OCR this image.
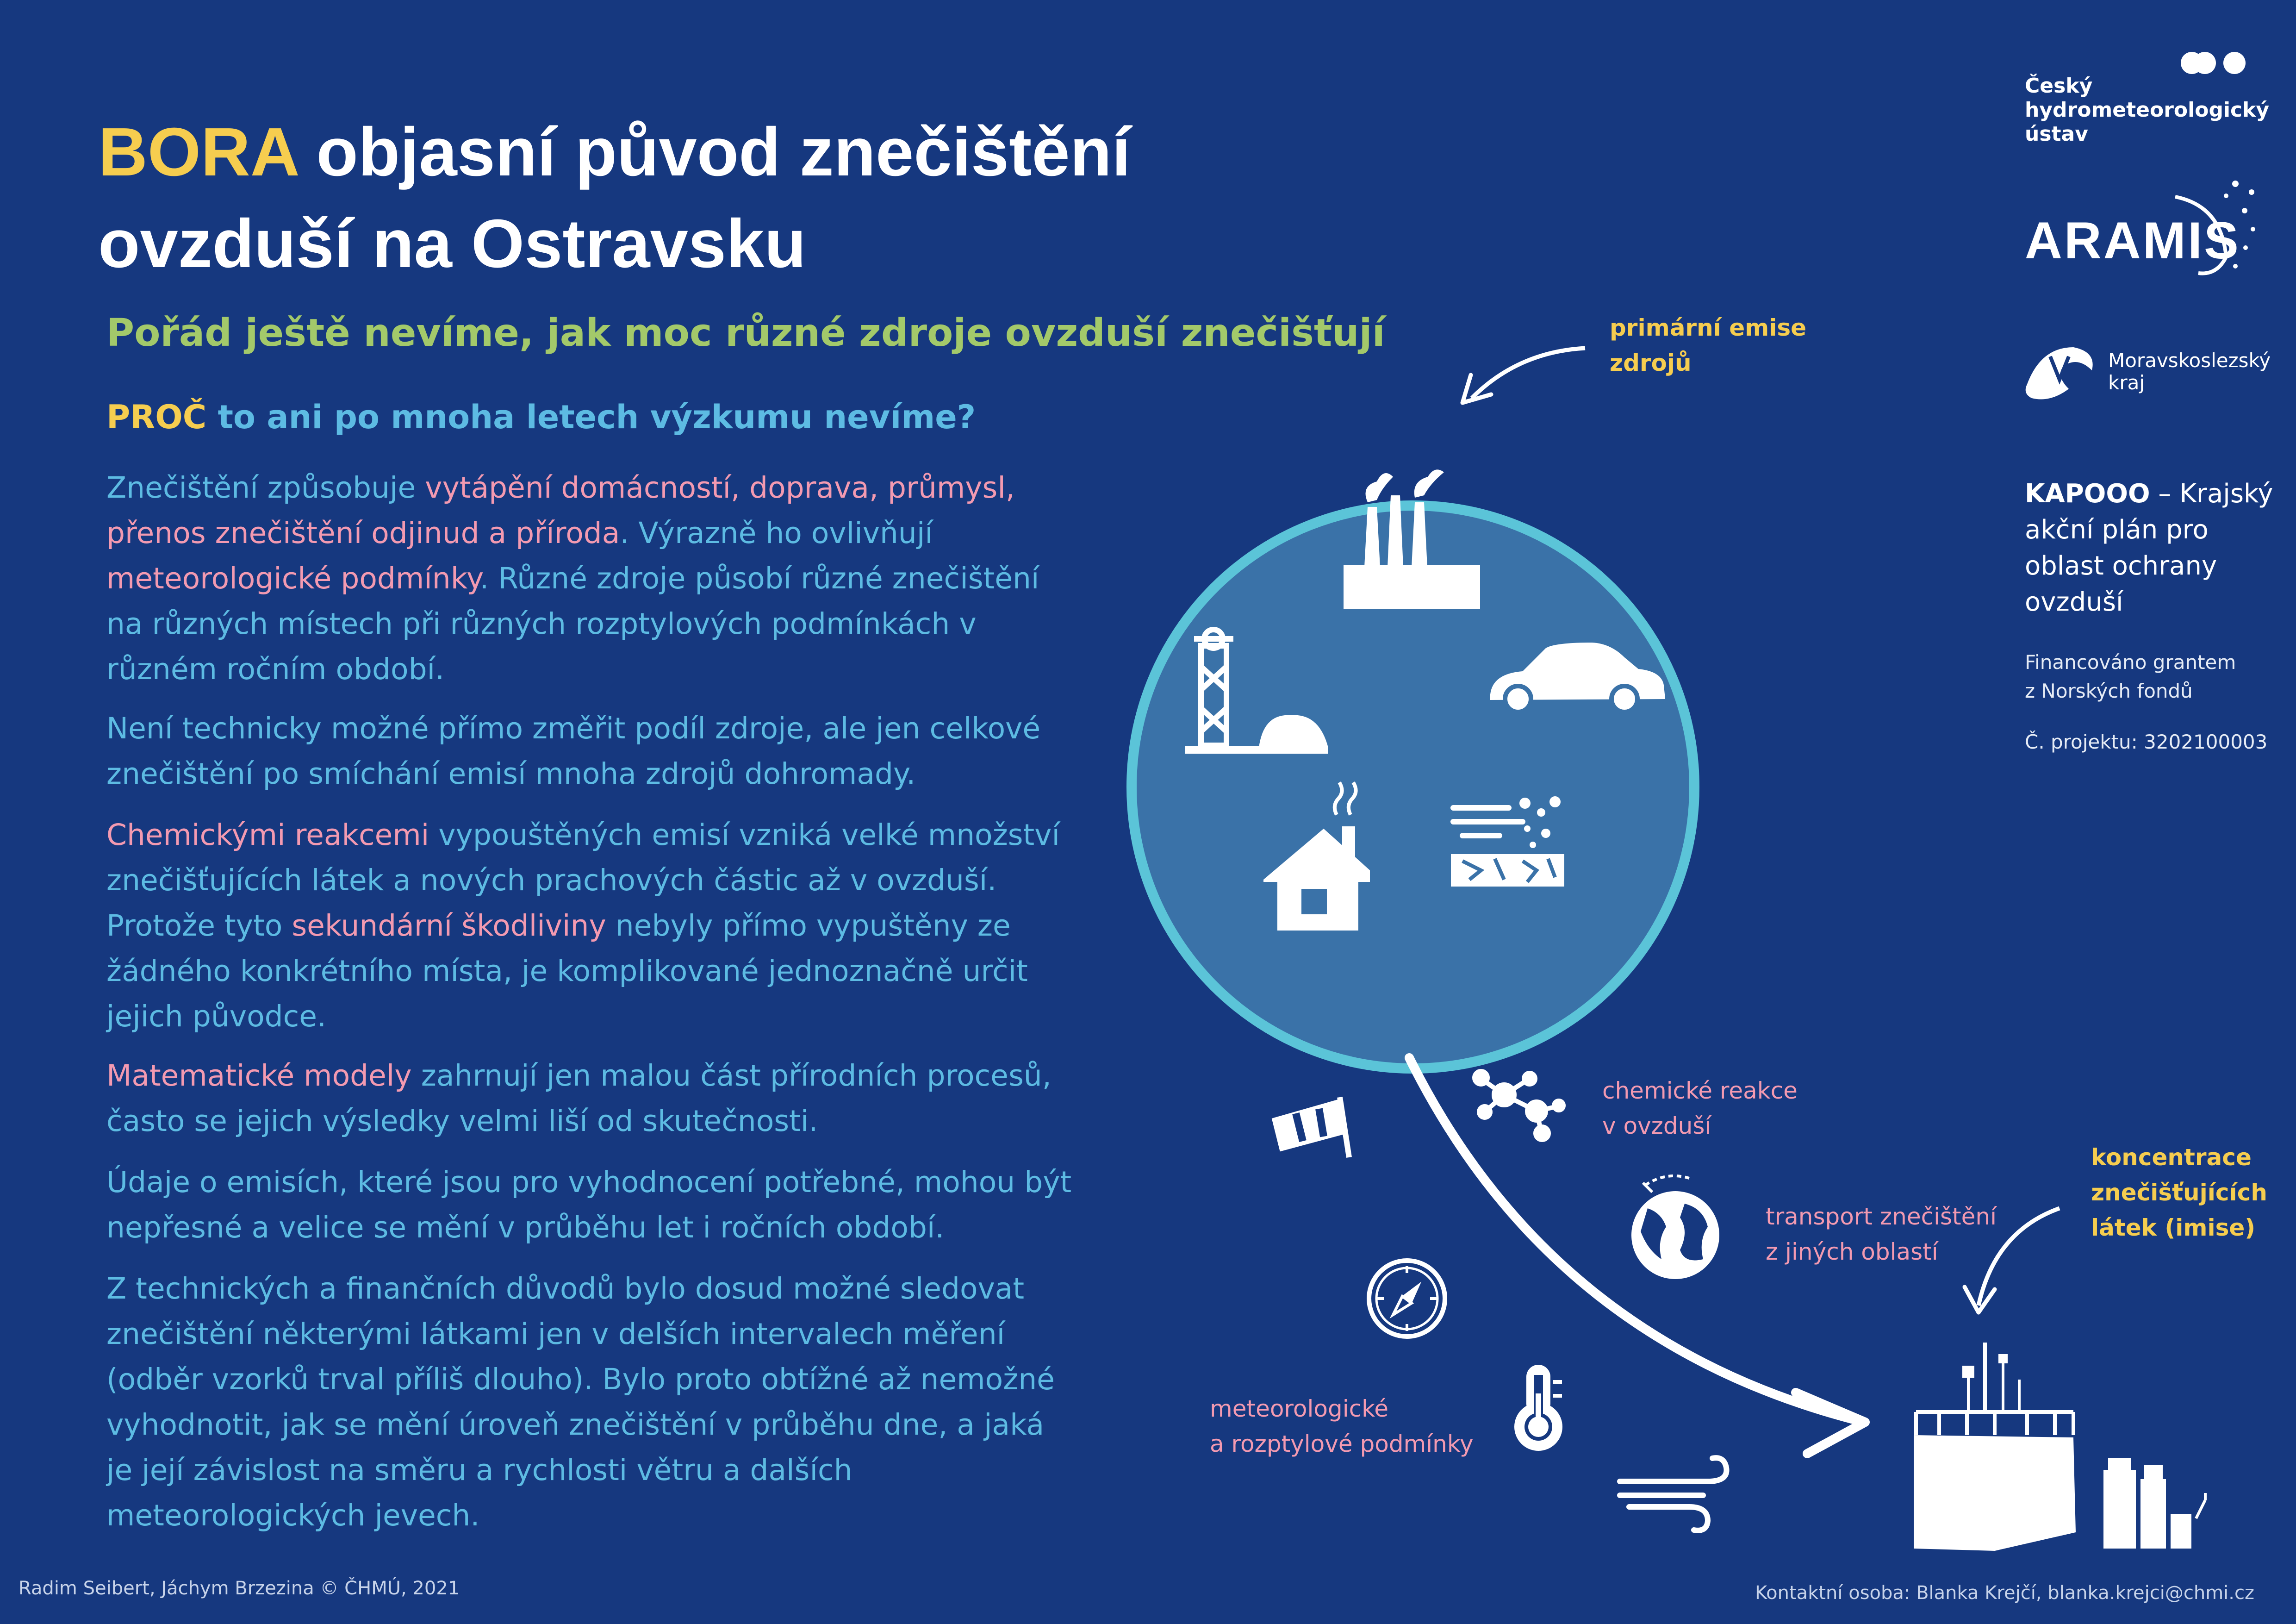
BORA objasní původ znečištění
ovzduší na Ostravsku
Pořád ještě nevíme, jak moc různé zdroje ovzduší znečišťují
PROČ to ani po mnoha letech výzkumu nevíme?
Znečištění způsobuje vytápění domácností, doprava, průmysl, přenos znečištění odjinud a příroda. Výrazně ho ovlivňují meteorologické podmínky. Různé zdroje působí různé znečištění na různých místech při různých rozptylových podmínkách v různém ročním období.
Není technicky možné přímo změřit podíl zdroje, ale jen celkové znečištění po smíchání emisí mnoha zdrojů dohromady.
Chemickými reakcemi vypouštěných emisí vzniká velké množství znečišťujících látek a nových prachových částic až v ovzduší. Protože tyto sekundární škodliviny nebyly přímo vypuštěny ze žádného konkrétního místa, je komplikované jednoznačně určit jejich původce.
Matematické modely zahrnují jen malou část přírodních procesů, často se jejich výsledky velmi liší od skutečnosti.
Údaje o emisích, které jsou pro vyhodnocení potřebné, mohou být nepřesné a velice se mění v průběhu let i ročních období.
Z technických a finančních důvodů bylo dosud možné sledovat znečištění některými látkami jen v delších intervalech měření (odběr vzorků trval příliš dlouho). Bylo proto obtížné až nemožné vyhodnotit, jak se mění úroveň znečištění v průběhu dne, a jaká je její závislost na směru a rychlosti větru a dalších meteorologických jevech.
Český
hydrometeorologický
ústav
ARAMIS
Moravskoslezský
kraj
KAPOOO – Krajský akční plán pro oblast ochrany ovzduší
Financováno grantem
z Norských fondů
Č. projektu: 3202100003
primární emise
zdrojů
chemické reakce
v ovzduší
transport znečištění
z jiných oblastí
koncentrace
znečišťujících
látek (imise)
meteorologické
a rozptylové podmínky
Radim Seibert, Jáchym Brzezina © ČHMÚ, 2021	Kontaktní osoba: Blanka Krejčí, blanka.krejci@chmi.cz
